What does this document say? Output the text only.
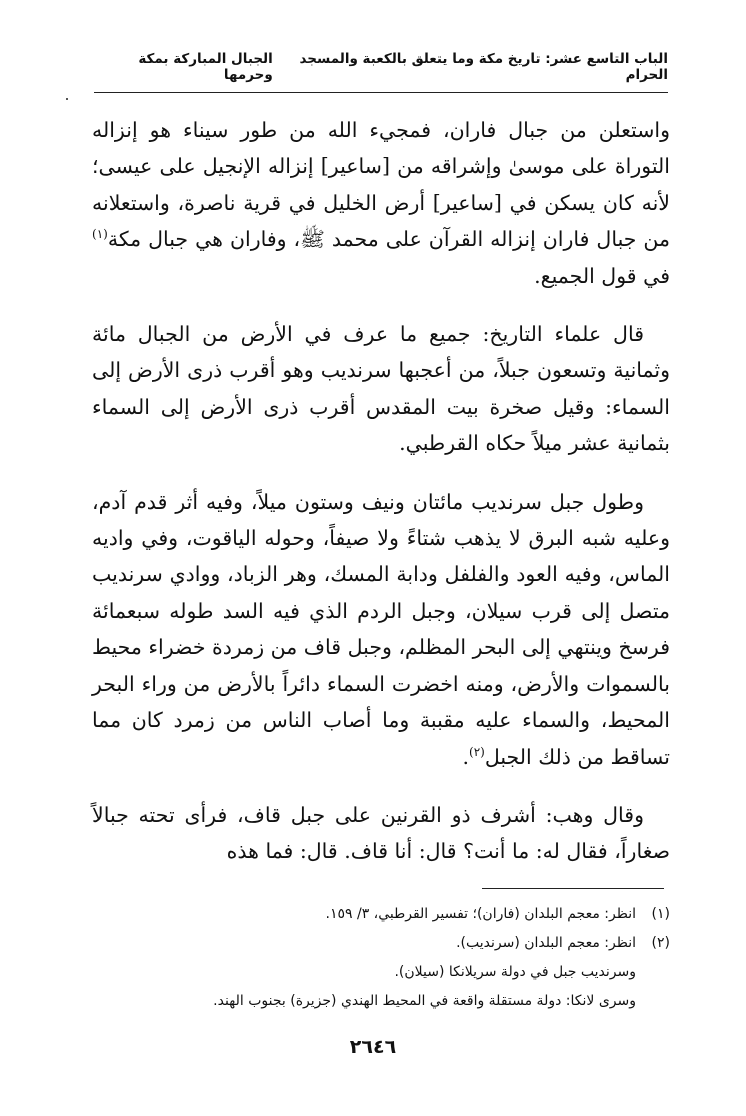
الباب التاسع عشر: تاريخ مكة وما يتعلق بالكعبة والمسجد الحرام
الجبال المباركة بمكة وحرمها

واستعلن من جبال فاران، فمجيء الله من طور سيناء هو إنزاله التوراة على موسىٰ وإشراقه من [ساعير] إنزاله الإنجيل على عيسى؛ لأنه كان يسكن في [ساعير] أرض الخليل في قرية ناصرة، واستعلانه من جبال فاران إنزاله القرآن على محمد ﷺ، وفاران هي جبال مكة$^{(١)}$ في قول الجميع.

قال علماء التاريخ: جميع ما عرف في الأرض من الجبال مائة وثمانية وتسعون جبلاً، من أعجبها سرنديب وهو أقرب ذرى الأرض إلى السماء: وقيل صخرة بيت المقدس أقرب ذرى الأرض إلى السماء بثمانية عشر ميلاً حكاه القرطبي.

وطول جبل سرنديب مائتان ونيف وستون ميلاً، وفيه أثر قدم آدم، وعليه شبه البرق لا يذهب شتاءً ولا صيفاً، وحوله الياقوت، وفي واديه الماس، وفيه العود والفلفل ودابة المسك، وهر الزباد، ووادي سرنديب متصل إلى قرب سيلان، وجبل الردم الذي فيه السد طوله سبعمائة فرسخ وينتهي إلى البحر المظلم، وجبل قاف من زمردة خضراء محيط بالسموات والأرض، ومنه اخضرت السماء دائراً بالأرض من وراء البحر المحيط، والسماء عليه مقببة وما أصاب الناس من زمرد كان مما تساقط من ذلك الجبل$^{(٢)}$.

وقال وهب: أشرف ذو القرنين على جبل قاف، فرأى تحته جبالاً صغاراً، فقال له: ما أنت؟ قال: أنا قاف. قال: فما هذه

(١)
انظر: معجم البلدان (فاران)؛ تفسير القرطبي، ٣/ ١٥٩.
(٢)
انظر: معجم البلدان (سرنديب).
وسرنديب جبل في دولة سريلانكا (سيلان).
وسرى لانكا: دولة مستقلة واقعة في المحيط الهندي (جزيرة) بجنوب الهند.
٢٦٤٦
